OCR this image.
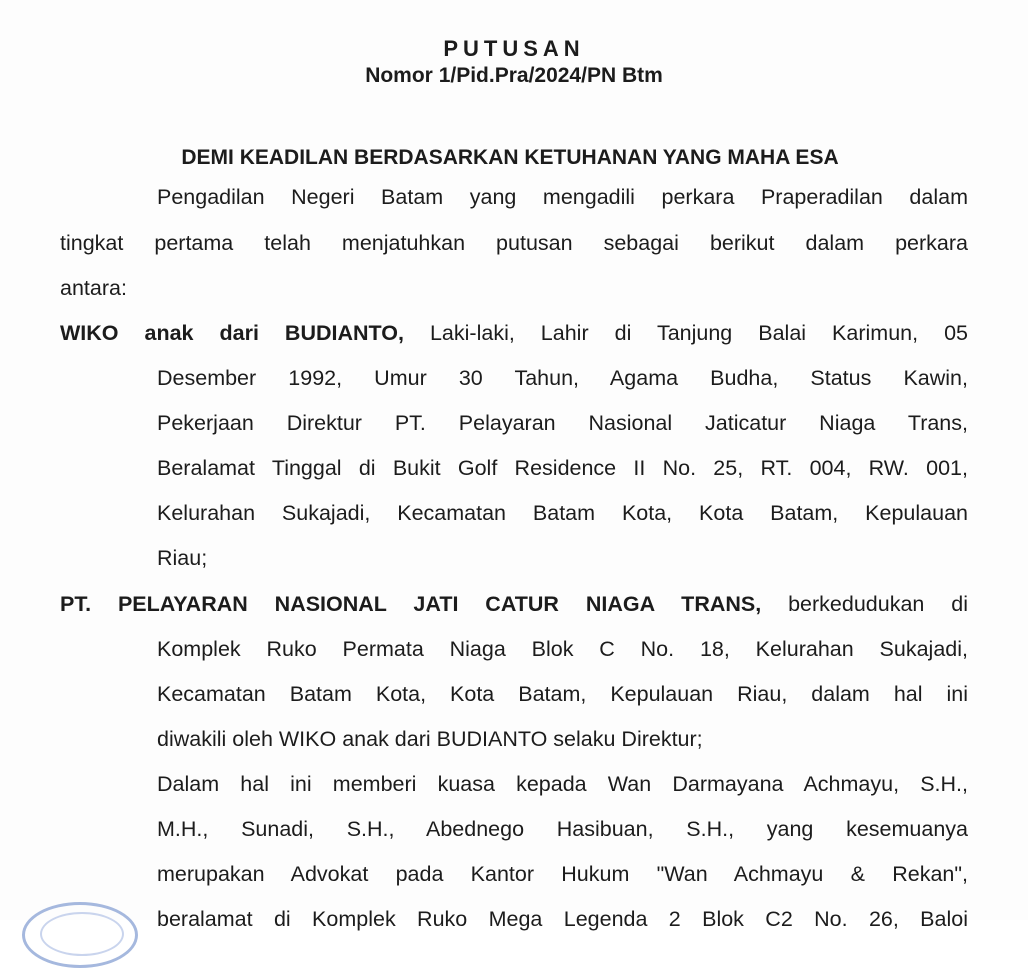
PUTUSAN
Nomor 1/Pid.Pra/2024/PN Btm
DEMI KEADILAN BERDASARKAN KETUHANAN YANG MAHA ESA
Pengadilan Negeri Batam yang mengadili perkara Praperadilan dalam
tingkat pertama telah menjatuhkan putusan sebagai berikut dalam perkara
antara:
WIKO anak dari BUDIANTO, Laki-laki, Lahir di Tanjung Balai Karimun, 05
Desember 1992, Umur 30 Tahun, Agama Budha, Status Kawin,
Pekerjaan Direktur PT. Pelayaran Nasional Jaticatur Niaga Trans,
Beralamat Tinggal di Bukit Golf Residence II No. 25, RT. 004, RW. 001,
Kelurahan Sukajadi, Kecamatan Batam Kota, Kota Batam, Kepulauan
Riau;
PT. PELAYARAN NASIONAL JATI CATUR NIAGA TRANS, berkedudukan di
Komplek Ruko Permata Niaga Blok C No. 18, Kelurahan Sukajadi,
Kecamatan Batam Kota, Kota Batam, Kepulauan Riau, dalam hal ini
diwakili oleh WIKO anak dari BUDIANTO selaku Direktur;
Dalam hal ini memberi kuasa kepada Wan Darmayana Achmayu, S.H.,
M.H., Sunadi, S.H., Abednego Hasibuan, S.H., yang kesemuanya
merupakan Advokat pada Kantor Hukum "Wan Achmayu & Rekan",
beralamat di Komplek Ruko Mega Legenda 2 Blok C2 No. 26, Baloi
